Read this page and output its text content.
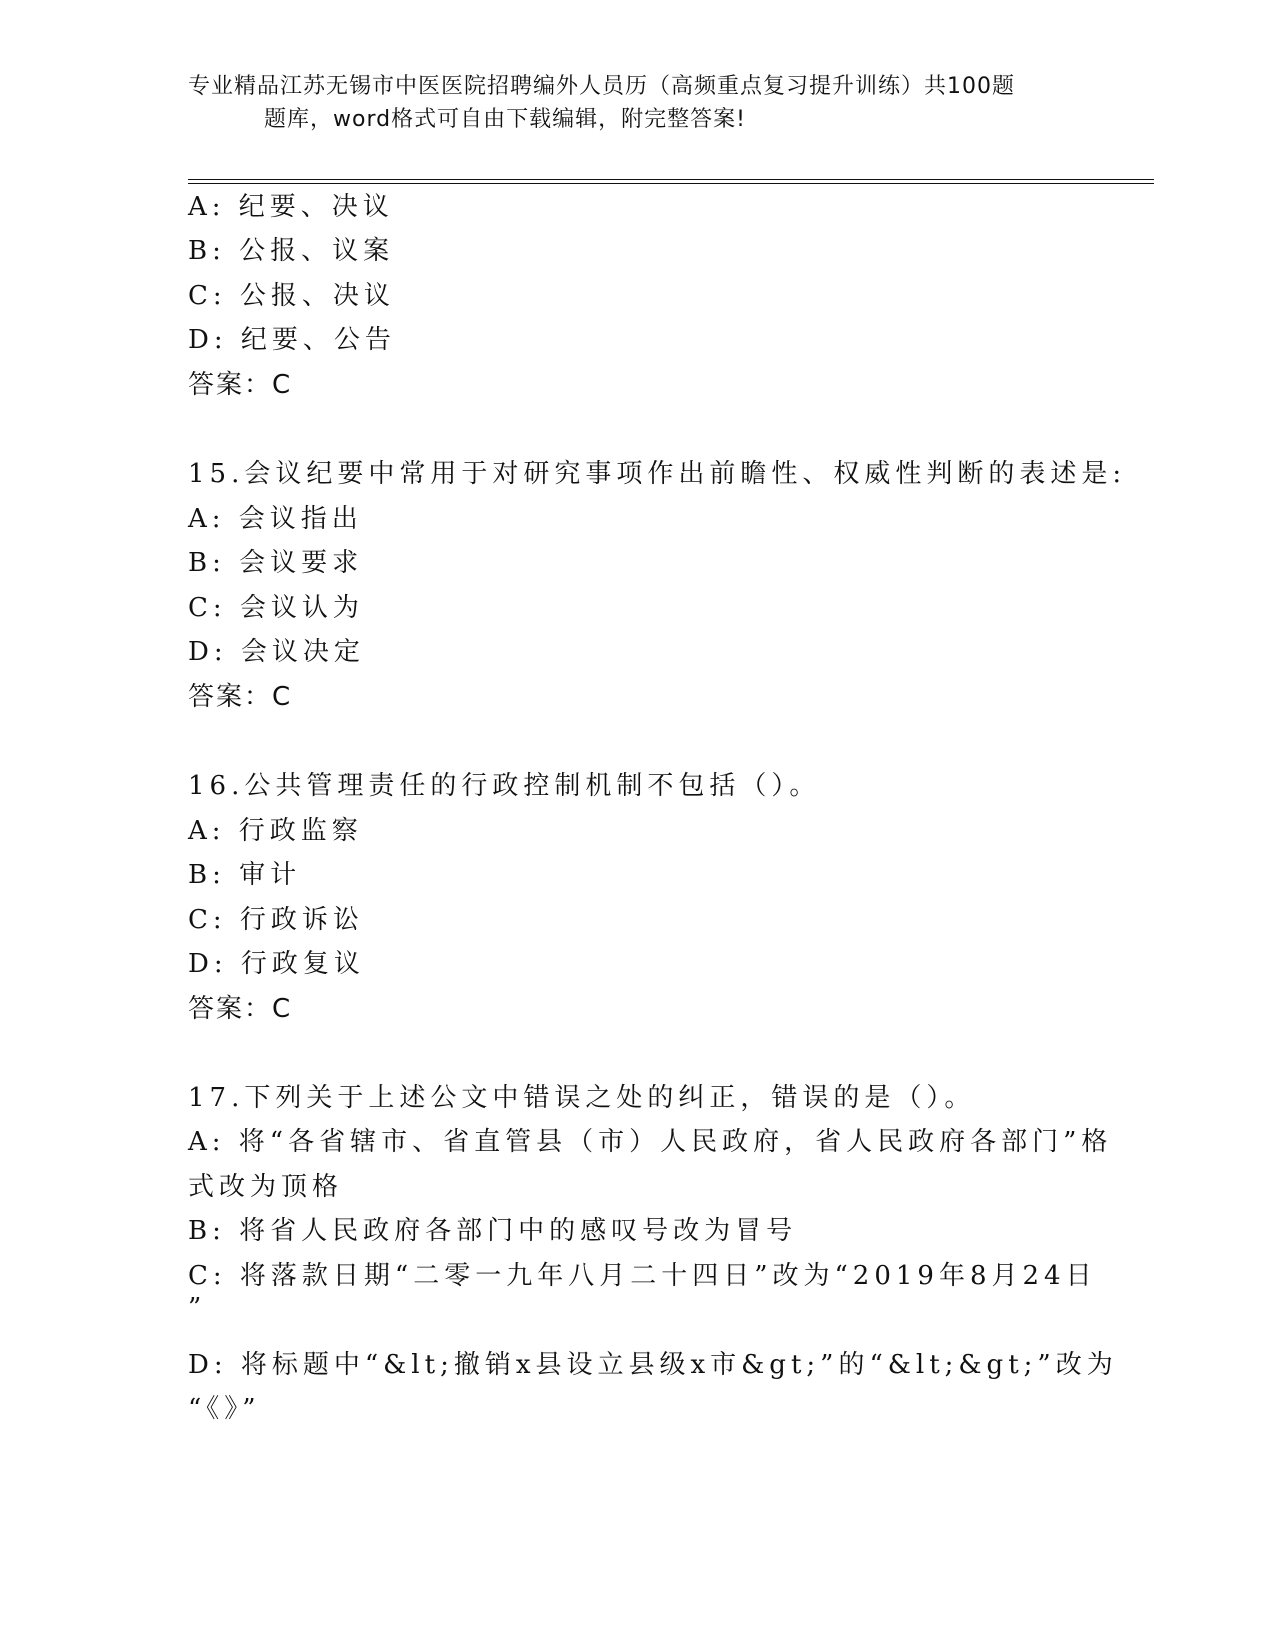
专业精品江苏无锡市中医医院招聘编外人员历（高频重点复习提升训练）共100题
题库，word格式可自由下载编辑，附完整答案!
A: 纪要、决议
B: 公报、议案
C: 公报、决议
D: 纪要、公告
答案：C
15.会议纪要中常用于对研究事项作出前瞻性、权威性判断的表述是:
A: 会议指出
B: 会议要求
C: 会议认为
D: 会议决定
答案：C
16.公共管理责任的行政控制机制不包括（）。
A: 行政监察
B: 审计
C: 行政诉讼
D: 行政复议
答案：C
17.下列关于上述公文中错误之处的纠正，错误的是（）。
A: 将“各省辖市、省直管县（市）人民政府，省人民政府各部门”格
式改为顶格
B: 将省人民政府各部门中的感叹号改为冒号
C: 将落款日期“二零一九年八月二十四日”改为“2019年8月24日
”
D: 将标题中“&lt;撤销x县设立县级x市&gt;”的“&lt;&gt;”改为
“《》”
